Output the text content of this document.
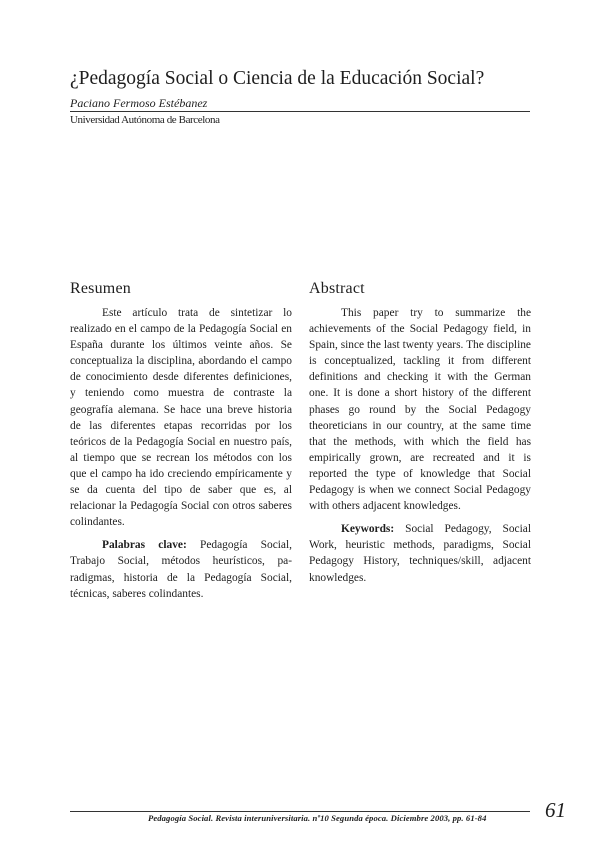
¿Pedagogía Social o Ciencia de la Educación Social?
Paciano Fermoso Estébanez
Universidad Autónoma de Barcelona
Resumen

Este artículo trata de sintetizar lo realizado en el campo de la Pedagogía Social en España durante los últimos veinte años. Se conceptualiza la disciplina, abordando el campo de conocimiento desde diferentes definiciones, y teniendo como muestra de contraste la geografía alemana. Se hace una breve historia de las diferentes etapas recorridas por los teóricos de la Pedagogía Social en nuestro país, al tiempo que se recrean los métodos con los que el campo ha ido creciendo empíricamente y se da cuenta del tipo de saber que es, al relacionar la Pedagogía Social con otros saberes colindantes.

Palabras clave: Pedagogía Social, Trabajo Social, métodos heurísticos, paradigmas, historia de la Pedagogía Social, técnicas, saberes colindantes.

Abstract

This paper try to summarize the achievements of the Social Pedagogy field, in Spain, since the last twenty years. The discipline is conceptualized, tackling it from different definitions and checking it with the German one. It is done a short history of the different phases go round by the Social Pedagogy theoreticians in our country, at the same time that the methods, with which the field has empirically grown, are recreated and it is reported the type of knowledge that Social Pedagogy is when we connect Social Pedagogy with others adjacent knowledges.

Keywords: Social Pedagogy, Social Work, heuristic methods, paradigms, Social Pedagogy History, techniques/skill, adjacent knowledges.

Pedagogía Social. Revista interuniversitaria. nº10 Segunda época. Diciembre 2003, pp. 61-84	61
